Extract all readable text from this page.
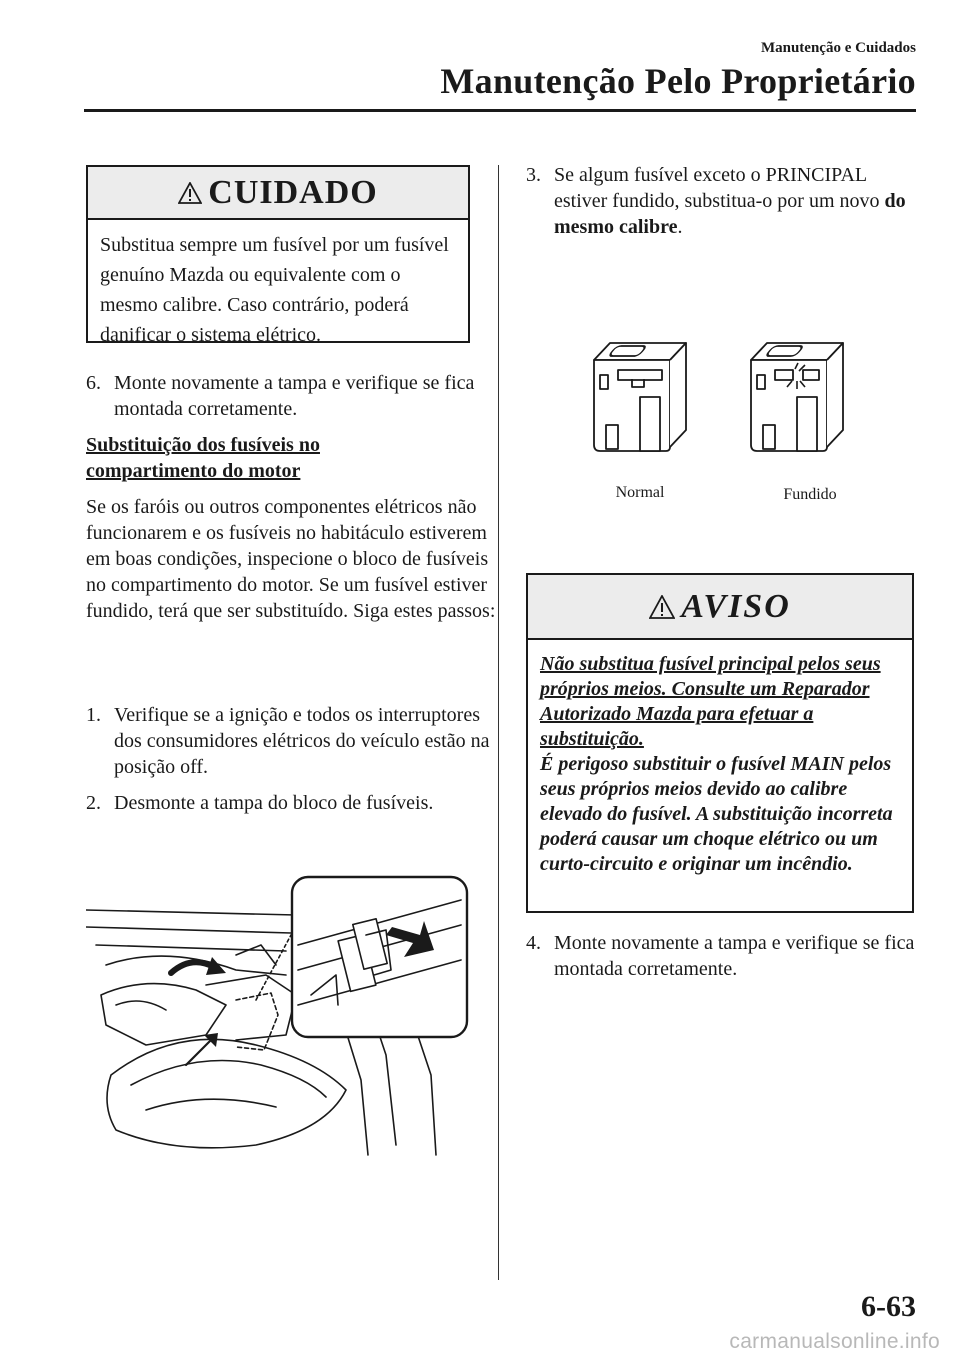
Manutenção e Cuidados
Manutenção Pelo Proprietário
CUIDADO
Substitua sempre um fusível por um fusível genuíno Mazda ou equivalente com o mesmo calibre. Caso contrário, poderá danificar o sistema elétrico.
6. Monte novamente a tampa e verifique se fica montada corretamente.
Substituição dos fusíveis no compartimento do motor
Se os faróis ou outros componentes elétricos não funcionarem e os fusíveis no habitáculo estiverem em boas condições, inspecione o bloco de fusíveis no compartimento do motor. Se um fusível estiver fundido, terá que ser substituído. Siga estes passos:
1. Verifique se a ignição e todos os interruptores dos consumidores elétricos do veículo estão na posição off.
2. Desmonte a tampa do bloco de fusíveis.
3. Se algum fusível exceto o PRINCIPAL estiver fundido, substitua-o por um novo do mesmo calibre.
Normal	Fundido
AVISO
Não substitua fusível principal pelos seus próprios meios. Consulte um Reparador Autorizado Mazda para efetuar a substituição.
É perigoso substituir o fusível MAIN pelos seus próprios meios devido ao calibre elevado do fusível. A substituição incorreta poderá causar um choque elétrico ou um curto-circuito e originar um incêndio.
4. Monte novamente a tampa e verifique se fica montada corretamente.
6-63
carmanualsonline.info
